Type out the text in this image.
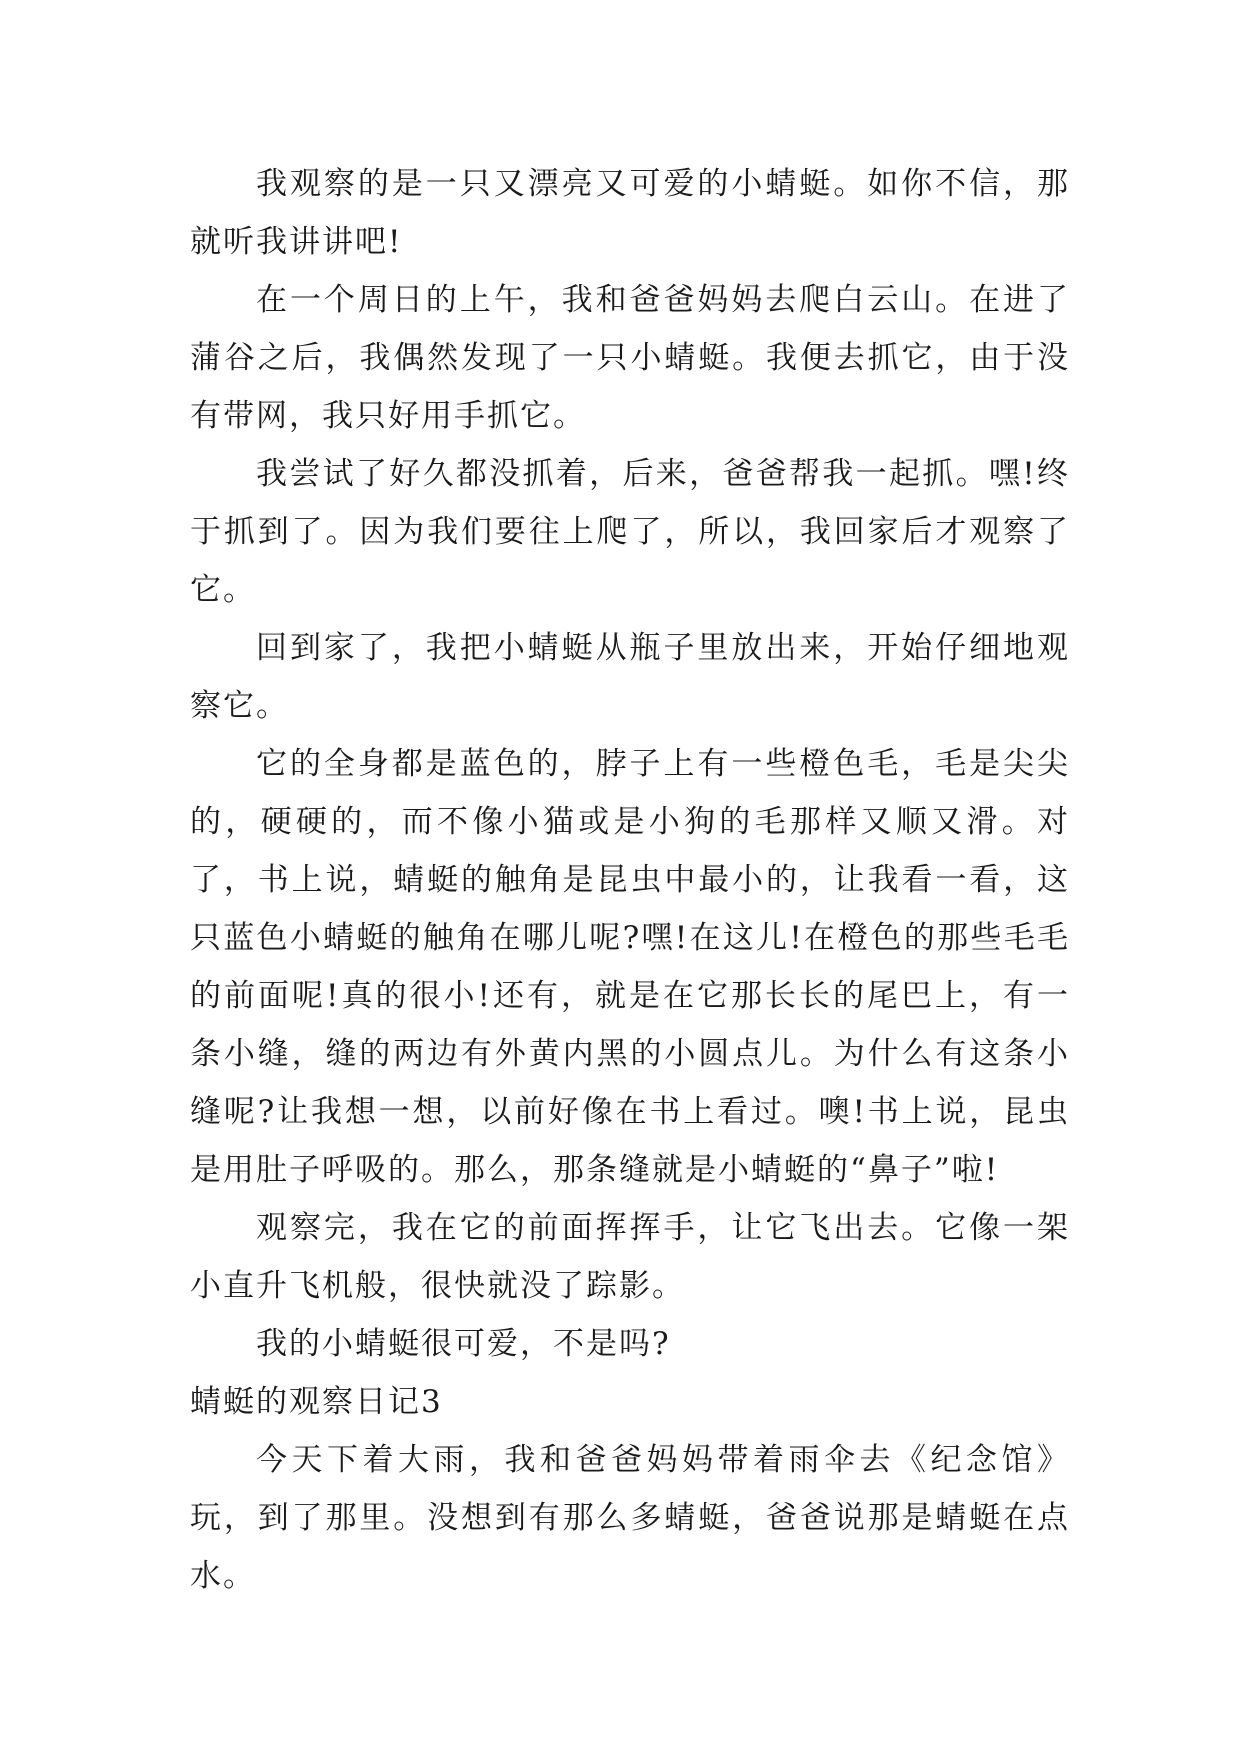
我观察的是一只又漂亮又可爱的小蜻蜓。如你不信，那就听我讲讲吧!

在一个周日的上午，我和爸爸妈妈去爬白云山。在进了蒲谷之后，我偶然发现了一只小蜻蜓。我便去抓它，由于没有带网，我只好用手抓它。

我尝试了好久都没抓着，后来，爸爸帮我一起抓。嘿!终于抓到了。因为我们要往上爬了，所以，我回家后才观察了它。

回到家了，我把小蜻蜓从瓶子里放出来，开始仔细地观察它。

它的全身都是蓝色的，脖子上有一些橙色毛，毛是尖尖的，硬硬的，而不像小猫或是小狗的毛那样又顺又滑。对了，书上说，蜻蜓的触角是昆虫中最小的，让我看一看，这只蓝色小蜻蜓的触角在哪儿呢?嘿!在这儿!在橙色的那些毛毛的前面呢!真的很小!还有，就是在它那长长的尾巴上，有一条小缝，缝的两边有外黄内黑的小圆点儿。为什么有这条小缝呢?让我想一想，以前好像在书上看过。噢!书上说，昆虫是用肚子呼吸的。那么，那条缝就是小蜻蜓的“鼻子”啦!

观察完，我在它的前面挥挥手，让它飞出去。它像一架小直升飞机般，很快就没了踪影。

我的小蜻蜓很可爱，不是吗?

蜻蜓的观察日记3

今天下着大雨，我和爸爸妈妈带着雨伞去《纪念馆》玩，到了那里。没想到有那么多蜻蜓，爸爸说那是蜻蜓在点水。
